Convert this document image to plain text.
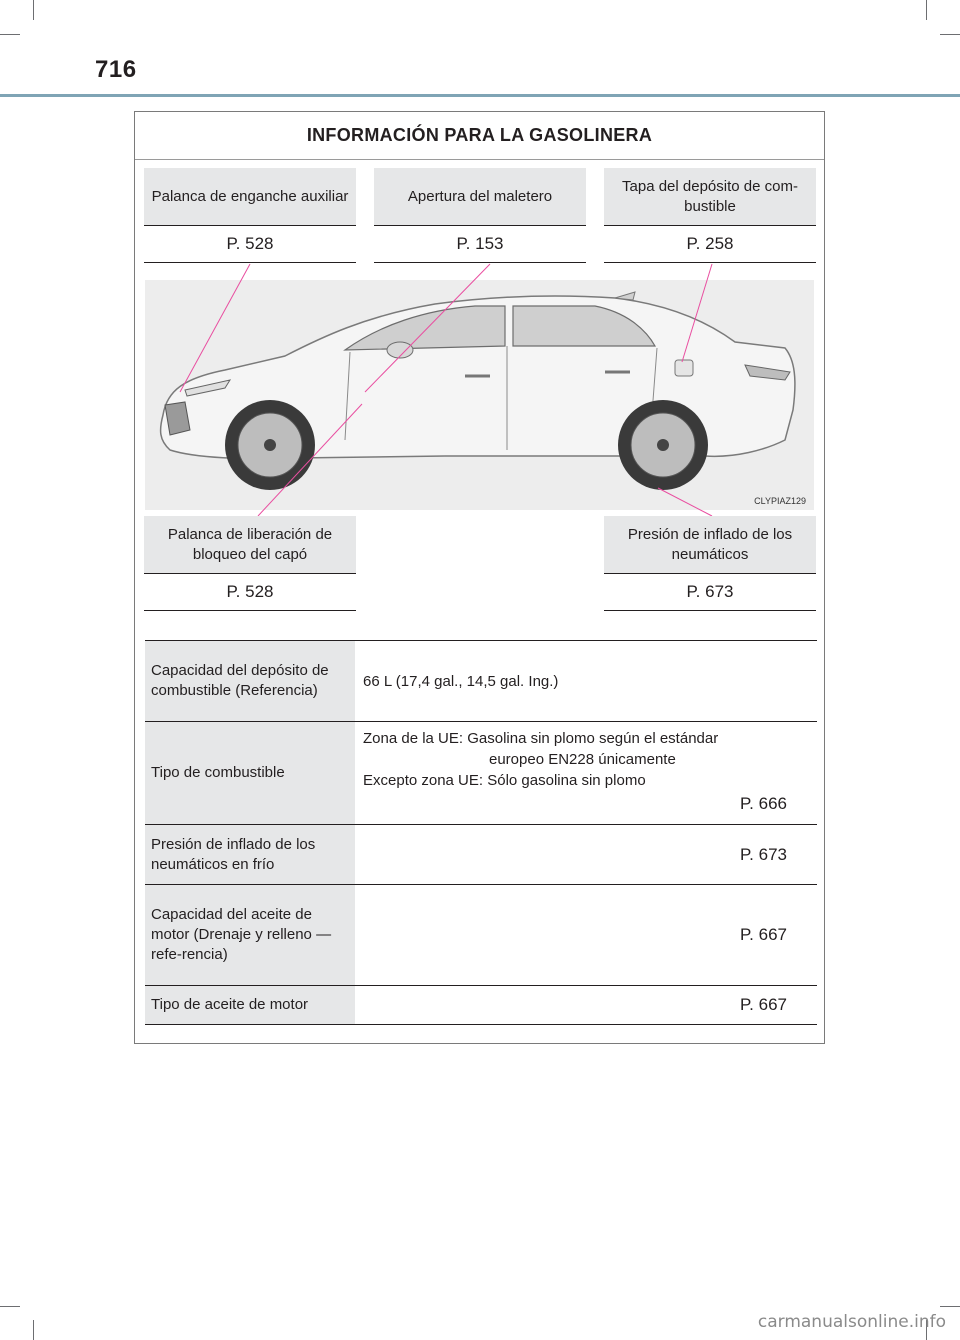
716
INFORMACIÓN PARA LA GASOLINERA
Palanca de enganche auxiliar
P. 528
Apertura del maletero
P. 153
Tapa del depósito de com-bustible
P. 258
CLYPIAZ129
Palanca de liberación de bloqueo del capó
P. 528
Presión de inflado de los neumáticos
P. 673
Capacidad del depósito de combustible (Referencia)
66 L (17,4 gal., 14,5 gal. Ing.)
Tipo de combustible
Zona de la UE: Gasolina sin plomo según el estándar
europeo EN228 únicamente
Excepto zona UE: Sólo gasolina sin plomo
P. 666
Presión de inflado de los neumáticos en frío
P. 673
Capacidad del aceite de motor (Drenaje y relleno — refe-rencia)
P. 667
Tipo de aceite de motor	P. 667
carmanualsonline.info
